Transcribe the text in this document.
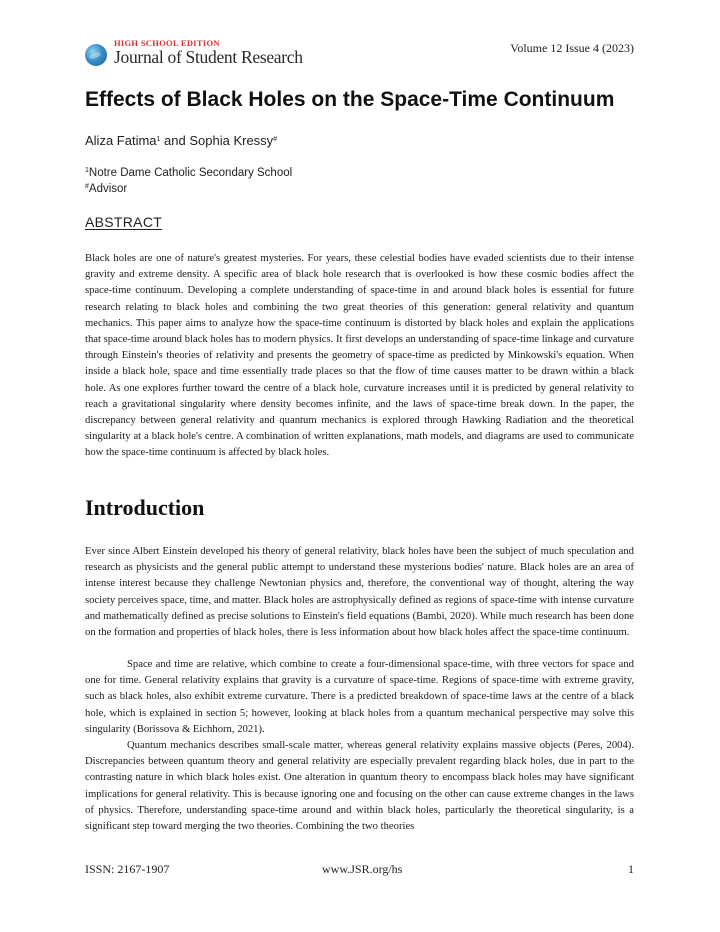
HIGH SCHOOL EDITION
Journal of Student Research	Volume 12 Issue 4 (2023)
Effects of Black Holes on the Space-Time Continuum
Aliza Fatima$^1$ and Sophia Kressy#
$^1$Notre Dame Catholic Secondary School
#Advisor
ABSTRACT

Black holes are one of nature's greatest mysteries. For years, these celestial bodies have evaded scientists due to their intense gravity and extreme density. A specific area of black hole research that is overlooked is how these cosmic bodies affect the space-time continuum. Developing a complete understanding of space-time in and around black holes is essential for future research relating to black holes and combining the two great theories of this generation: general relativity and quantum mechanics. This paper aims to analyze how the space-time continuum is distorted by black holes and explain the applications that space-time around black holes has to modern physics. It first develops an understanding of space-time linkage and curvature through Einstein's theories of relativity and presents the geometry of space-time as predicted by Minkowski's equation. When inside a black hole, space and time essentially trade places so that the flow of time causes matter to be drawn within a black hole. As one explores further toward the centre of a black hole, curvature increases until it is predicted by general relativity to reach a gravitational singularity where density becomes infinite, and the laws of space-time break down. In the paper, the discrepancy between general relativity and quantum mechanics is explored through Hawking Radiation and the theoretical singularity at a black hole's centre. A combination of written explanations, math models, and diagrams are used to communicate how the space-time continuum is affected by black holes.

Introduction

Ever since Albert Einstein developed his theory of general relativity, black holes have been the subject of much speculation and research as physicists and the general public attempt to understand these mysterious bodies' nature. Black holes are an area of intense interest because they challenge Newtonian physics and, therefore, the conventional way of thought, altering the way society perceives space, time, and matter. Black holes are astrophysically defined as regions of space-time with intense curvature and mathematically defined as precise solutions to Einstein's field equations (Bambi, 2020). While much research has been done on the formation and properties of black holes, there is less information about how black holes affect the space-time continuum.

Space and time are relative, which combine to create a four-dimensional space-time, with three vectors for space and one for time. General relativity explains that gravity is a curvature of space-time. Regions of space-time with extreme gravity, such as black holes, also exhibit extreme curvature. There is a predicted breakdown of space-time laws at the centre of a black hole, which is explained in section 5; however, looking at black holes from a quantum mechanical perspective may solve this singularity (Borissova & Eichhorn, 2021).

Quantum mechanics describes small-scale matter, whereas general relativity explains massive objects (Peres, 2004). Discrepancies between quantum theory and general relativity are especially prevalent regarding black holes, due in part to the contrasting nature in which black holes exist. One alteration in quantum theory to encompass black holes may have significant implications for general relativity. This is because ignoring one and focusing on the other can cause extreme changes in the laws of physics. Therefore, understanding space-time around and within black holes, particularly the theoretical singularity, is a significant step toward merging the two theories. Combining the two theories

ISSN: 2167-1907	www.JSR.org/hs	1
